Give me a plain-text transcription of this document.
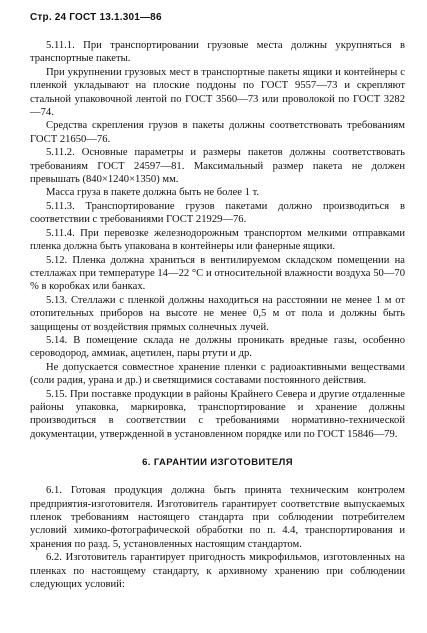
Стр. 24 ГОСТ 13.1.301—86

5.11.1. При транспортировании грузовые места должны укрупняться в транспортные пакеты.

При укрупнении грузовых мест в транспортные пакеты ящики и контейнеры с пленкой укладывают на плоские поддоны по ГОСТ 9557—73 и скрепляют стальной упаковочной лентой по ГОСТ 3560—73 или проволокой по ГОСТ 3282—74.

Средства скрепления грузов в пакеты должны соответствовать требованиям ГОСТ 21650—76.

5.11.2. Основные параметры и размеры пакетов должны соответствовать требованиям ГОСТ 24597—81. Максимальный размер пакета не должен превышать (840×1240×1350) мм.

Масса груза в пакете должна быть не более 1 т.

5.11.3. Транспортирование грузов пакетами должно производиться в соответствии с требованиями ГОСТ 21929—76.

5.11.4. При перевозке железнодорожным транспортом мелкими отправками пленка должна быть упакована в контейнеры или фанерные ящики.

5.12. Пленка должна храниться в вентилируемом складском помещении на стеллажах при температуре 14—22 °С и относительной влажности воздуха 50—70 % в коробках или банках.

5.13. Стеллажи с пленкой должны находиться на расстоянии не менее 1 м от отопительных приборов на высоте не менее 0,5 м от пола и должны быть защищены от воздействия прямых солнечных лучей.

5.14. В помещение склада не должны проникать вредные газы, особенно сероводород, аммиак, ацетилен, пары ртути и др.

Не допускается совместное хранение пленки с радиоактивными веществами (соли радия, урана и др.) и светящимися составами постоянного действия.

5.15. При поставке продукции в районы Крайнего Севера и другие отдаленные районы упаковка, маркировка, транспортирование и хранение должны производиться в соответствии с требованиями нормативно-технической документации, утвержденной в установленном порядке или по ГОСТ 15846—79.

6. ГАРАНТИИ ИЗГОТОВИТЕЛЯ

6.1. Готовая продукция должна быть принята техническим контролем предприятия-изготовителя. Изготовитель гарантирует соответствие выпускаемых пленок требованиям настоящего стандарта при соблюдении потребителем условий химико-фотографической обработки по п. 4.4, транспортирования и хранения по разд. 5, установленных настоящим стандартом.

6.2. Изготовитель гарантирует пригодность микрофильмов, изготовленных на пленках по настоящему стандарту, к архивному хранению при соблюдении следующих условий:
